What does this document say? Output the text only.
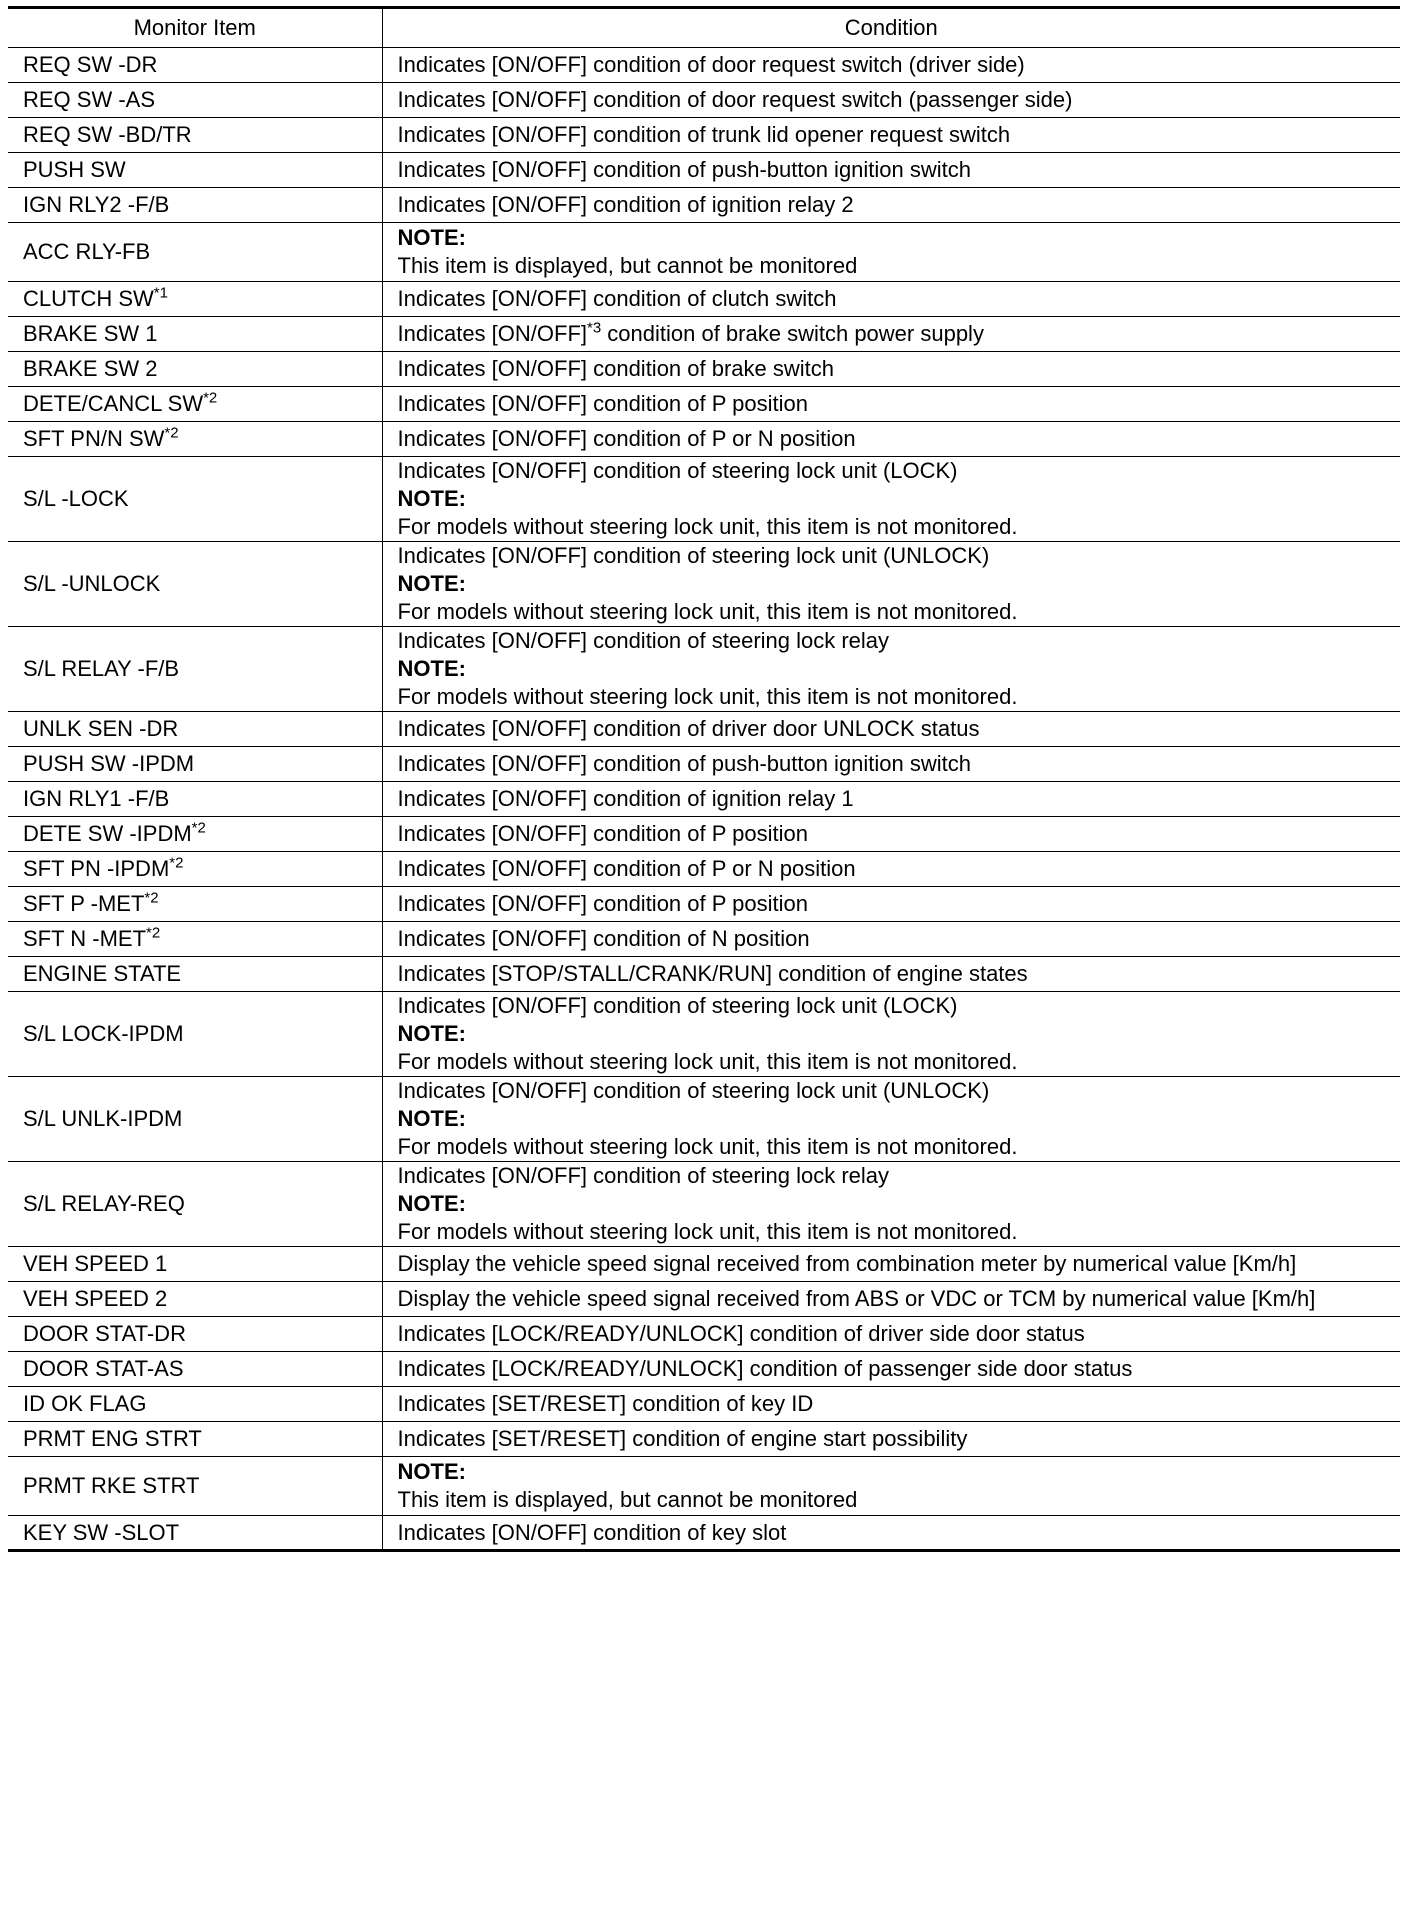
Monitor Item	Condition
REQ SW -DR	Indicates [ON/OFF] condition of door request switch (driver side)

REQ SW -AS	Indicates [ON/OFF] condition of door request switch (passenger side)

REQ SW -BD/TR	Indicates [ON/OFF] condition of trunk lid opener request switch

PUSH SW	Indicates [ON/OFF] condition of push-button ignition switch

IGN RLY2 -F/B	Indicates [ON/OFF] condition of ignition relay 2

ACC RLY-FB	NOTE:
This item is displayed, but cannot be monitored

CLUTCH SW$^{*1}$	Indicates [ON/OFF] condition of clutch switch

BRAKE SW 1	Indicates $[ON/OFF]^{*3}$ condition of brake switch power supply

BRAKE SW 2	Indicates [ON/OFF] condition of brake switch

DETE/CANCL SW$^{*2}$	Indicates [ON/OFF] condition of P position

SFT PN/N SW$^{*2}$	Indicates [ON/OFF] condition of P or N position

S/L -LOCK	Indicates [ON/OFF] condition of steering lock unit (LOCK)
NOTE:
For models without steering lock unit, this item is not monitored.

S/L -UNLOCK	Indicates [ON/OFF] condition of steering lock unit (UNLOCK)
NOTE:
For models without steering lock unit, this item is not monitored.

S/L RELAY -F/B	Indicates [ON/OFF] condition of steering lock relay
NOTE:
For models without steering lock unit, this item is not monitored.

UNLK SEN -DR	Indicates [ON/OFF] condition of driver door UNLOCK status

PUSH SW -IPDM	Indicates [ON/OFF] condition of push-button ignition switch

IGN RLY1 -F/B	Indicates [ON/OFF] condition of ignition relay 1

DETE SW -IPDM$^{*2}$	Indicates [ON/OFF] condition of P position

SFT PN -IPDM$^{*2}$	Indicates [ON/OFF] condition of P or N position

SFT P -MET$^{*2}$	Indicates [ON/OFF] condition of P position

SFT N -MET$^{*2}$	Indicates [ON/OFF] condition of N position

ENGINE STATE	Indicates [STOP/STALL/CRANK/RUN] condition of engine states

S/L LOCK-IPDM	Indicates [ON/OFF] condition of steering lock unit (LOCK)
NOTE:
For models without steering lock unit, this item is not monitored.

S/L UNLK-IPDM	Indicates [ON/OFF] condition of steering lock unit (UNLOCK)
NOTE:
For models without steering lock unit, this item is not monitored.

S/L RELAY-REQ	Indicates [ON/OFF] condition of steering lock relay
NOTE:
For models without steering lock unit, this item is not monitored.

VEH SPEED 1	Display the vehicle speed signal received from combination meter by numerical value [Km/h]

VEH SPEED 2	Display the vehicle speed signal received from ABS or VDC or TCM by numerical value [Km/h]

DOOR STAT-DR	Indicates [LOCK/READY/UNLOCK] condition of driver side door status

DOOR STAT-AS	Indicates [LOCK/READY/UNLOCK] condition of passenger side door status

ID OK FLAG	Indicates [SET/RESET] condition of key ID

PRMT ENG STRT	Indicates [SET/RESET] condition of engine start possibility

PRMT RKE STRT	NOTE:
This item is displayed, but cannot be monitored

KEY SW -SLOT	Indicates [ON/OFF] condition of key slot
